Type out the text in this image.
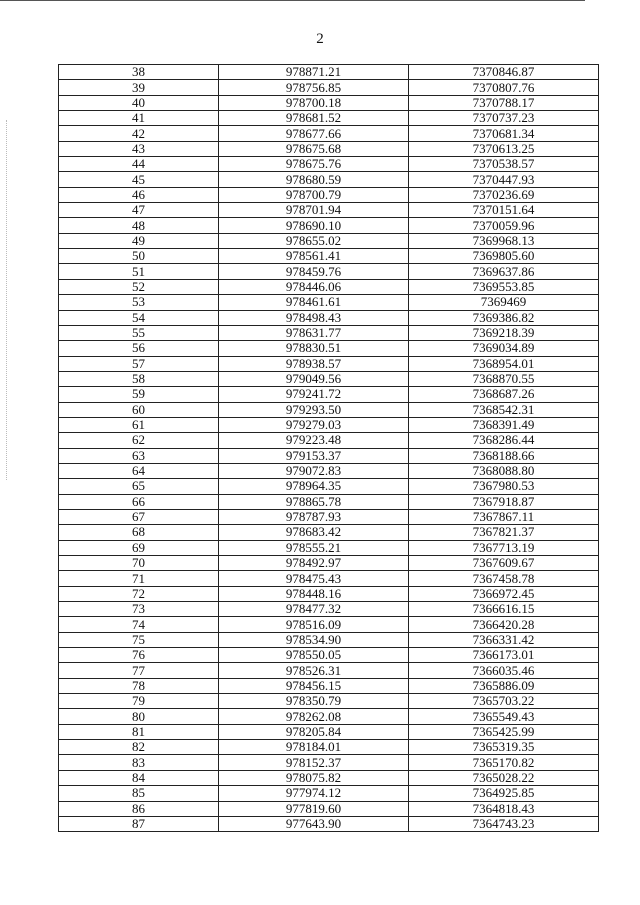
2
38	978871.21	7370846.87
39	978756.85	7370807.76
40	978700.18	7370788.17
41	978681.52	7370737.23
42	978677.66	7370681.34
43	978675.68	7370613.25
44	978675.76	7370538.57
45	978680.59	7370447.93
46	978700.79	7370236.69
47	978701.94	7370151.64
48	978690.10	7370059.96
49	978655.02	7369968.13
50	978561.41	7369805.60
51	978459.76	7369637.86
52	978446.06	7369553.85
53	978461.61	7369469
54	978498.43	7369386.82
55	978631.77	7369218.39
56	978830.51	7369034.89
57	978938.57	7368954.01
58	979049.56	7368870.55
59	979241.72	7368687.26
60	979293.50	7368542.31
61	979279.03	7368391.49
62	979223.48	7368286.44
63	979153.37	7368188.66
64	979072.83	7368088.80
65	978964.35	7367980.53
66	978865.78	7367918.87
67	978787.93	7367867.11
68	978683.42	7367821.37
69	978555.21	7367713.19
70	978492.97	7367609.67
71	978475.43	7367458.78
72	978448.16	7366972.45
73	978477.32	7366616.15
74	978516.09	7366420.28
75	978534.90	7366331.42
76	978550.05	7366173.01
77	978526.31	7366035.46
78	978456.15	7365886.09
79	978350.79	7365703.22
80	978262.08	7365549.43
81	978205.84	7365425.99
82	978184.01	7365319.35
83	978152.37	7365170.82
84	978075.82	7365028.22
85	977974.12	7364925.85
86	977819.60	7364818.43
87	977643.90	7364743.23
